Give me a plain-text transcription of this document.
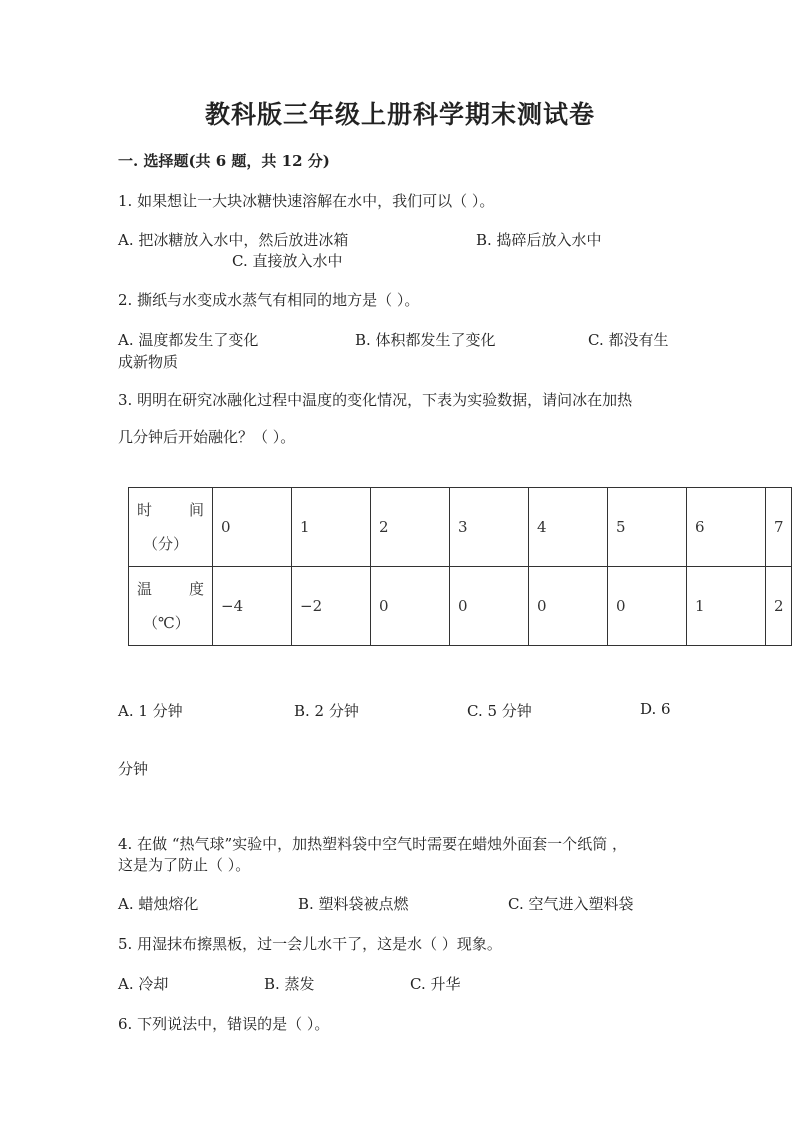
教科版三年级上册科学期末测试卷
一. 选择题(共 6 题，共 12 分)
1. 如果想让一大块冰糖快速溶解在水中，我们可以（ ）。
A. 把冰糖放入水中，然后放进冰箱	B. 捣碎后放入水中
C. 直接放入水中
2. 撕纸与水变成水蒸气有相同的地方是（ ）。
A. 温度都发生了变化	B. 体积都发生了变化	C. 都没有生
成新物质
3. 明明在研究冰融化过程中温度的变化情况，下表为实验数据，请问冰在加热
几分钟后开始融化？（ ）。
时 间
（分）	0	1	2	3	4	5	6	7

温 度
（℃）	−4	−2	0	0	0	0	1	2
A. 1 分钟	B. 2 分钟	C. 5 分钟	D. 6
分钟
4. 在做 “热气球”实验中，加热塑料袋中空气时需要在蜡烛外面套一个纸筒 ，
这是为了防止（ ）。
A. 蜡烛熔化	B. 塑料袋被点燃	C. 空气进入塑料袋
5. 用湿抹布擦黑板，过一会儿水干了，这是水（ ）现象。
A. 冷却	B. 蒸发	C. 升华
6. 下列说法中，错误的是（ ）。
